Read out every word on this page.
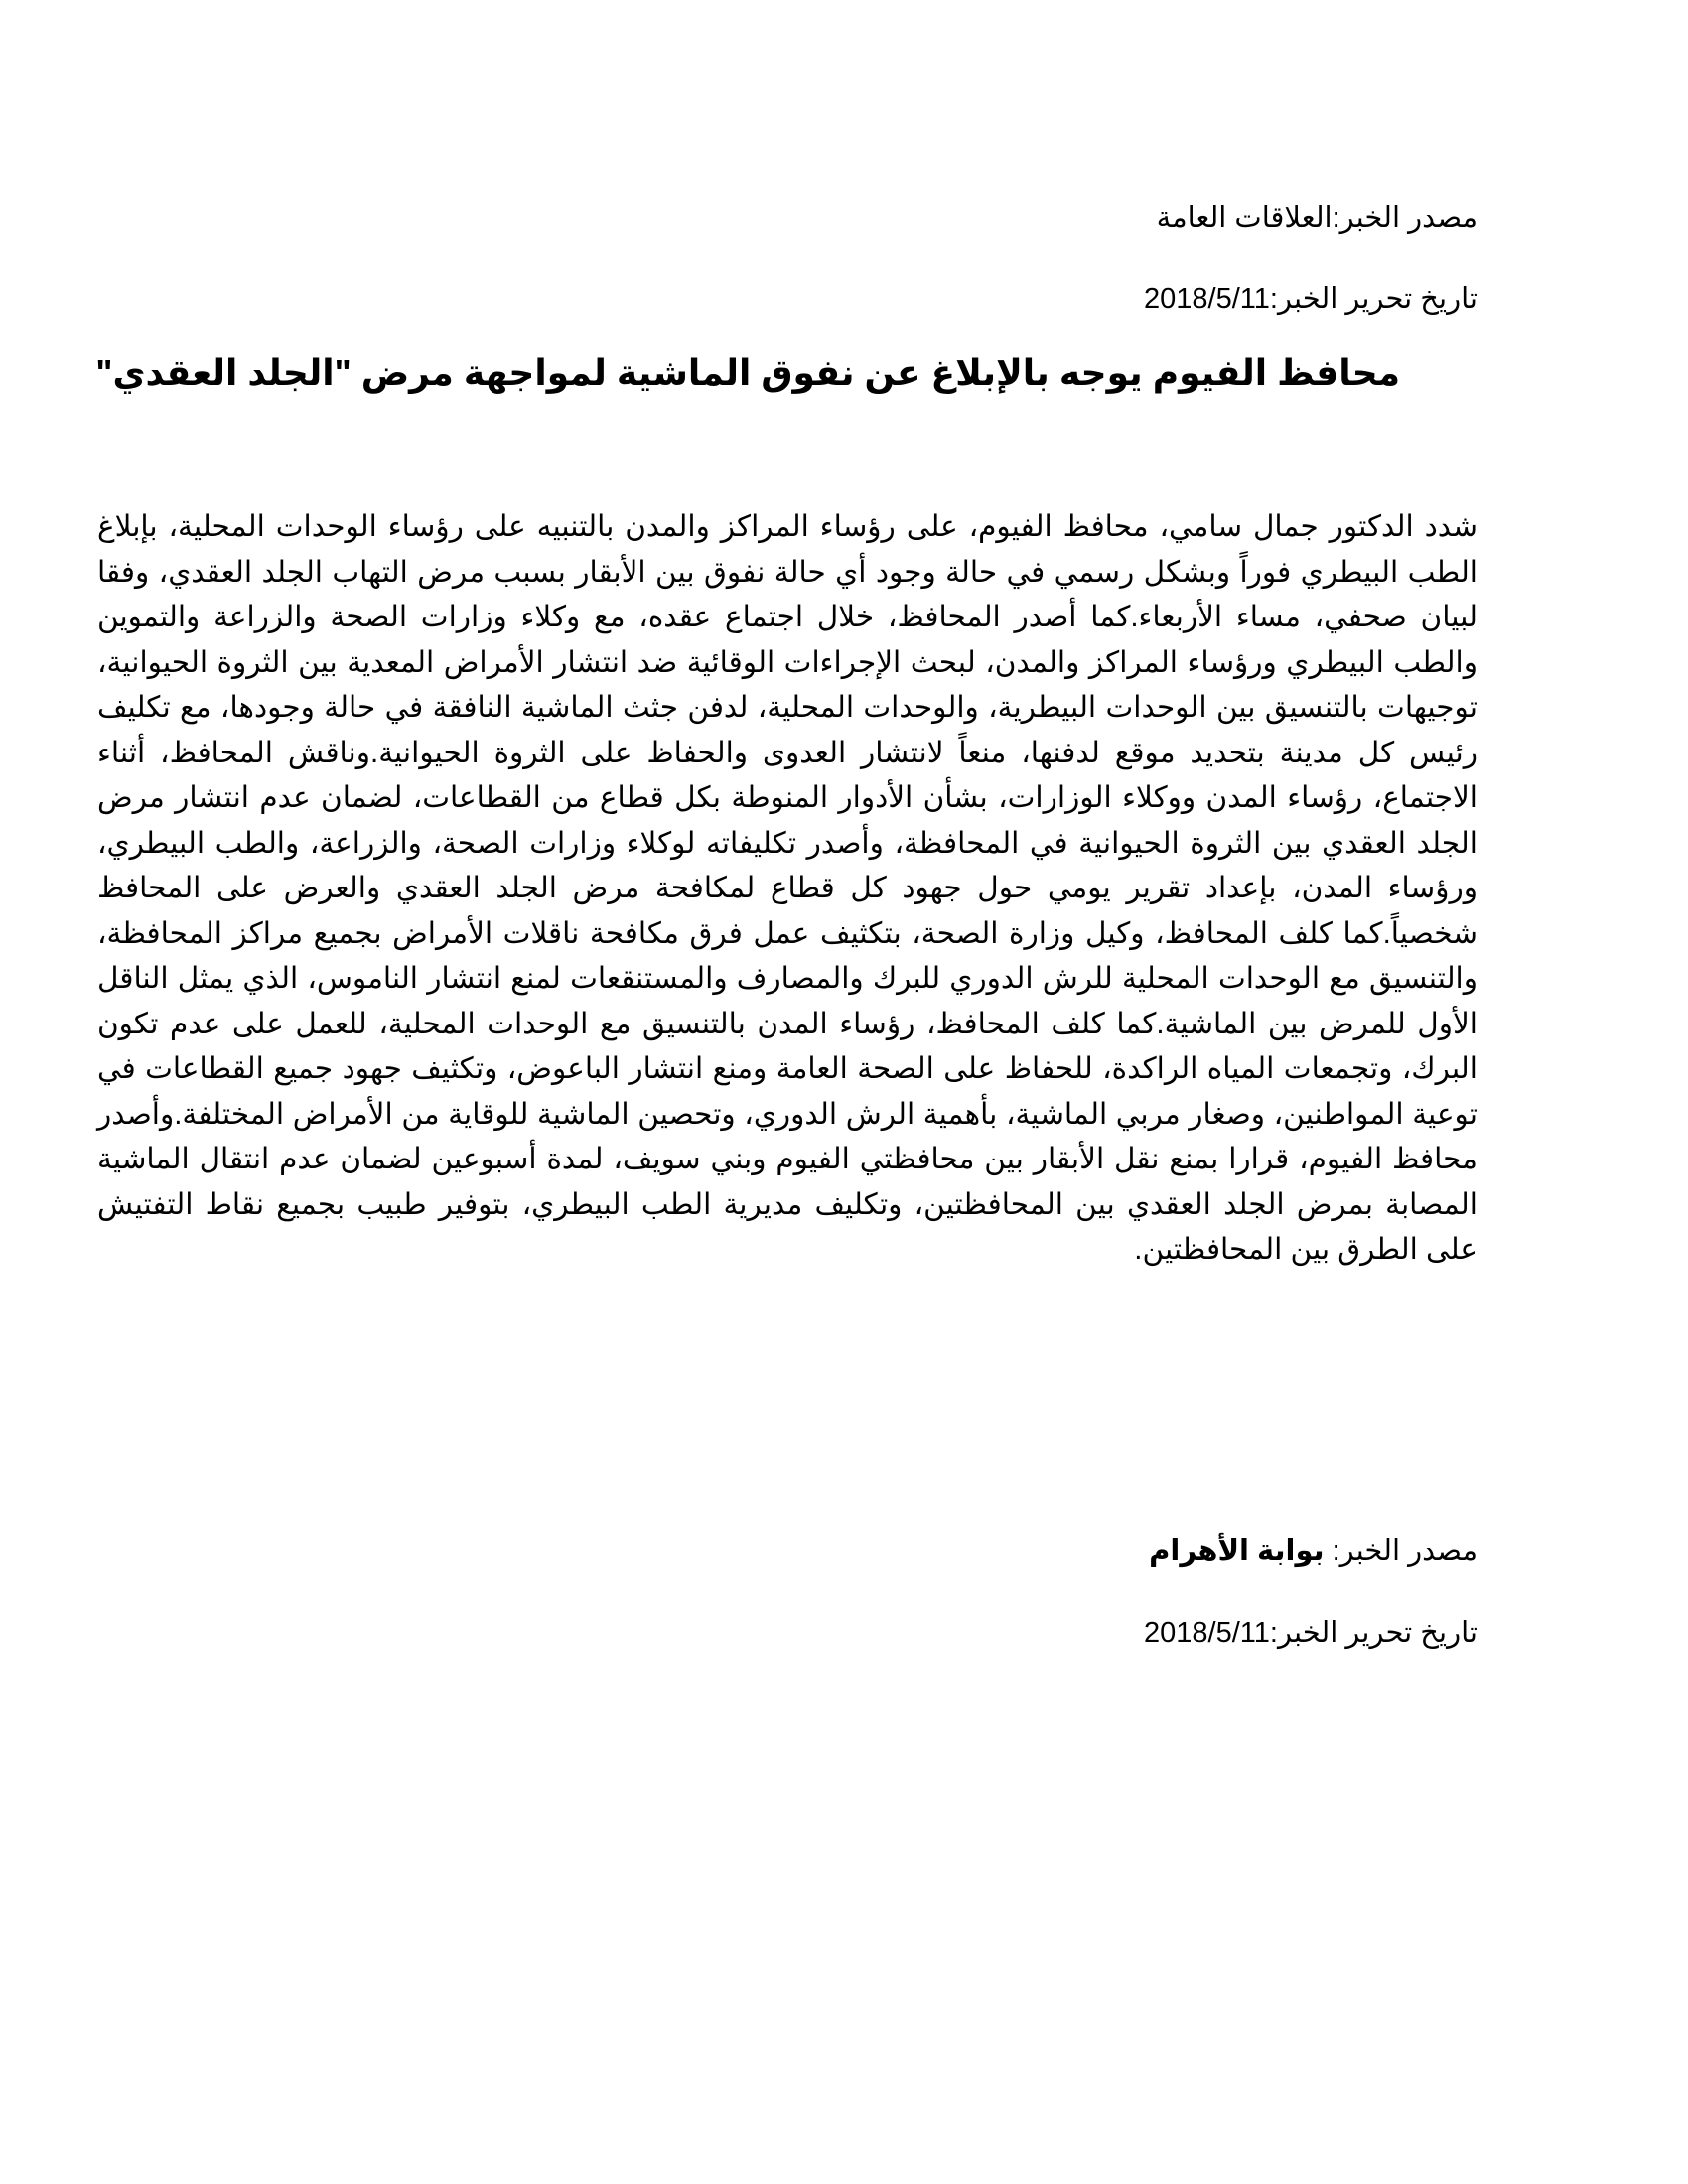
مصدر الخبر:العلاقات العامة
تاريخ تحرير الخبر:2018/5/11
محافظ الفيوم يوجه بالإبلاغ عن نفوق الماشية لمواجهة مرض "الجلد العقدي"
شدد الدكتور جمال سامي، محافظ الفيوم، على رؤساء المراكز والمدن بالتنبيه على رؤساء الوحدات المحلية، بإبلاغ الطب البيطري فوراً وبشكل رسمي في حالة وجود أي حالة نفوق بين الأبقار بسبب مرض التهاب الجلد العقدي، وفقا لبيان صحفي، مساء الأربعاء.كما أصدر المحافظ، خلال اجتماع عقده، مع وكلاء وزارات الصحة والزراعة والتموين والطب البيطري ورؤساء المراكز والمدن، لبحث الإجراءات الوقائية ضد انتشار الأمراض المعدية بين الثروة الحيوانية، توجيهات بالتنسيق بين الوحدات البيطرية، والوحدات المحلية، لدفن جثث الماشية النافقة في حالة وجودها، مع تكليف رئيس كل مدينة بتحديد موقع لدفنها، منعاً لانتشار العدوى والحفاظ على الثروة الحيوانية.وناقش المحافظ، أثناء الاجتماع، رؤساء المدن ووكلاء الوزارات، بشأن الأدوار المنوطة بكل قطاع من القطاعات، لضمان عدم انتشار مرض الجلد العقدي بين الثروة الحيوانية في المحافظة، وأصدر تكليفاته لوكلاء وزارات الصحة، والزراعة، والطب البيطري، ورؤساء المدن، بإعداد تقرير يومي حول جهود كل قطاع لمكافحة مرض الجلد العقدي والعرض على المحافظ شخصياً.كما كلف المحافظ، وكيل وزارة الصحة، بتكثيف عمل فرق مكافحة ناقلات الأمراض بجميع مراكز المحافظة، والتنسيق مع الوحدات المحلية للرش الدوري للبرك والمصارف والمستنقعات لمنع انتشار الناموس، الذي يمثل الناقل الأول للمرض بين الماشية.كما كلف المحافظ، رؤساء المدن بالتنسيق مع الوحدات المحلية، للعمل على عدم تكون البرك، وتجمعات المياه الراكدة، للحفاظ على الصحة العامة ومنع انتشار الباعوض، وتكثيف جهود جميع القطاعات في توعية المواطنين، وصغار مربي الماشية، بأهمية الرش الدوري، وتحصين الماشية للوقاية من الأمراض المختلفة.وأصدر محافظ الفيوم، قرارا بمنع نقل الأبقار بين محافظتي الفيوم وبني سويف، لمدة أسبوعين لضمان عدم انتقال الماشية المصابة بمرض الجلد العقدي بين المحافظتين، وتكليف مديرية الطب البيطري، بتوفير طبيب بجميع نقاط التفتيش على الطرق بين المحافظتين.
مصدر الخبر: بوابة الأهرام
تاريخ تحرير الخبر:2018/5/11
